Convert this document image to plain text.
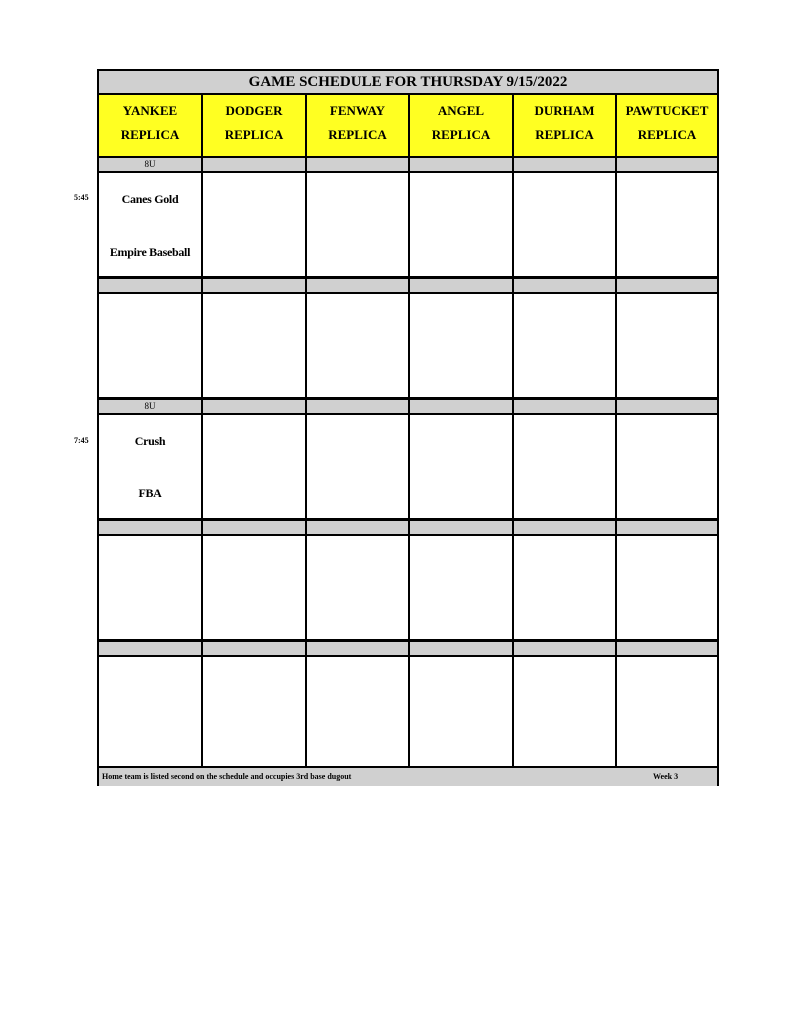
GAME SCHEDULE FOR THURSDAY 9/15/2022
YANKEE
REPLICA
DODGER
REPLICA
FENWAY
REPLICA
ANGEL
REPLICA
DURHAM
REPLICA
PAWTUCKET
REPLICA
8U
Canes Gold
Empire Baseball
8U
Crush
FBA
Home team is listed second on the schedule and occupies 3rd base dugout	Week 3
5:45
7:45
